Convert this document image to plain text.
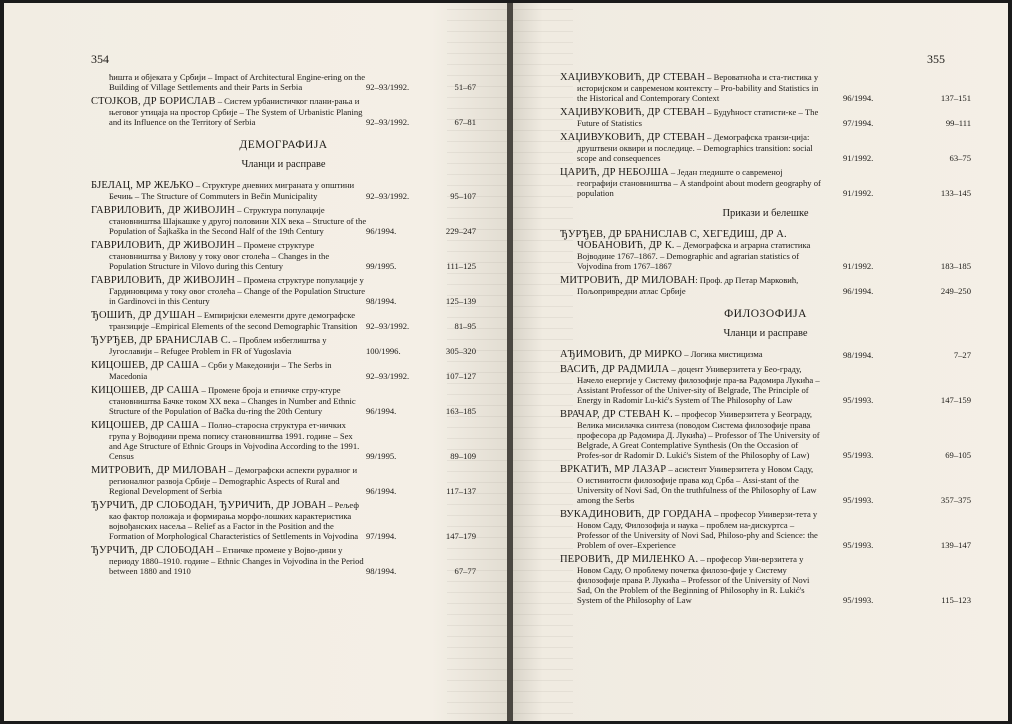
354
ћишта и објеката у Србији – Impact of Architectural Engine-ering on the Building of Village Settlements and their Parts in Serbia	92–93/1992.	51–67
СТОЈКОВ, ДР БОРИСЛАВ – Систем урбанистичког плани-рања и његовог утицаја на простор Србије – The System of Urbanistic Planing and its Influence on the Territory of Serbia	92–93/1992.	67–81
ДЕМОГРАФИЈА
Чланци и расправе
БЈЕЛАЦ, МР ЖЕЉКО – Структуре дневних миграната у општини Бечињ – The Structure of Commuters in Bečin Municipality	92–93/1992.	95–107
ГАВРИЛОВИЋ, ДР ЖИВОЈИН – Структура популације становништва Шајкашке у другој половини XIX века – Structure of the Population of Šajkaška in the Second Half of the 19th Century	96/1994.	229–247
ГАВРИЛОВИЋ, ДР ЖИВОЈИН – Промене структуре становништва у Вилову у току овог столећа – Changes in the Population Structure in Vilovo during this Century	99/1995.	111–125
ГАВРИЛОВИЋ, ДР ЖИВОЈИН – Промена структуре популације у Гардиновцима у току овог столећа – Change of the Population Structure in Gardinovci in this Century	98/1994.	125–139
ЂОШИЋ, ДР ДУШАН – Емпиријски елементи друге демографске транзиције –Empirical Elements of the second Demographic Transition	92–93/1992.	81–95
ЂУРЂЕВ, ДР БРАНИСЛАВ С. – Проблем избеглиштва у Југославији – Refugee Problem in FR of Yugoslavia	100/1996.	305–320
КИЦОШЕВ, ДР САША – Срби у Македонији – The Serbs in Macedonia	92–93/1992.	107–127
КИЦОШЕВ, ДР САША – Промене броја и етничке стру-ктуре становништва Бачке током XX века – Changes in Number and Ethnic Structure of the Population of Bačka du-ring the 20th Century	96/1994.	163–185
КИЦОШЕВ, ДР САША – Полно–старосна структура ет-ничких група у Војводини према попису становништва 1991. године – Sex and Age Structure of Ethnic Groups in Vojvodina According to the 1991. Census	99/1995.	89–109
МИТРОВИЋ, ДР МИЛОВАН – Демографски аспекти руралног и регионалног развоја Србије – Demographic Aspects of Rural and Regional Development of Serbia	96/1994.	117–137
ЂУРЧИЋ, ДР СЛОБОДАН, ЂУРИЧИЋ, ДР ЈОВАН – Рељеф као фактор положаја и формирања морфо-лошких карактеристика војвођанских насеља – Relief as a Factor in the Position and the Formation of Morphological Characteristics of Settlements in Vojvodina 97/1994.	147–179
ЂУРЧИЋ, ДР СЛОБОДАН – Етничке промене у Војво-дини у периоду 1880–1910. године – Ethnic Changes in Vojvodina in the Period between 1880 and 1910	98/1994.	67–77
355
ХАЏИВУКОВИЋ, ДР СТЕВАН – Вероватноћа и ста-тистика у историјском и савременом контексту – Pro-bability and Statistics in the Historical and Contemporary Context	96/1994.	137–151
ХАЏИВУКОВИЋ, ДР СТЕВАН – Будућност статисти-ке – The Future of Statistics	97/1994.	99–111
ХАЏИВУКОВИЋ, ДР СТЕВАН – Демографска транзи-ција: друштвени оквири и последице. – Demographics transition: social scope and consequences	91/1992.	63–75
ЦАРИЋ, ДР НЕБОЈША – Један гледиште о савременој географији становништва – A standpoint about modern geography of population	91/1992.	133–145
Прикази и белешке
ЂУРЂЕВ, ДР БРАНИСЛАВ С, ХЕГЕДИШ, ДР А. ЧОБАНОВИЋ, ДР К. – Демографска и аграрна статистика Војводине 1767–1867. – Demographic and agrarian statistics of Vojvodina from 1767–1867	91/1992.	183–185
МИТРОВИЋ, ДР МИЛОВАН: Проф. др Петар Марковић, Пољопривредни атлас Србије	96/1994.	249–250
ФИЛОЗОФИЈА
Чланци и расправе
АЂИМОВИЋ, ДР МИРКО – Логика мистицизма	98/1994.	7–27
ВАСИЋ, ДР РАДМИЛА – доцент Универзитета у Бео-граду, Начело енергије у Систему филозофије пра-ва Радомира Лукића – Assistant Professor of the Univer-sity of Belgrade, The Principle of Energy in Radomir Lu-kić's System of The Philosophy of Law	95/1993.	147–159
ВРАЧАР, ДР СТЕВАН К. – професор Универзитета у Београду, Велика мисилачка синтеза (поводом Система филозофије права професора др Радомира Д. Лукића) – Professor of The University of Belgrade, A Great Contemplative Synthesis (On the Occasion of Profes-sor dr Radomir D. Lukić's Sistem of the Philosophy of Law)	95/1993.	69–105
ВРКАТИЋ, МР ЛАЗАР – асистент Универзитета у Новом Саду, О истинитости филозофије права код Срба – Assi-stant of the University of Novi Sad, On the truthfulness of the Philosophy of Law among the Serbs	95/1993.	357–375
ВУКАДИНОВИЋ, ДР ГОРДАНА – професор Универзи-тета у Новом Саду, Филозофија и наука – проблем на-дискуртса – Professor of the University of Novi Sad, Philoso-phy and Science: the Problem of over–Experience	95/1993.	139–147
ПЕРОВИЋ, ДР МИЛЕНКО А. – професор Уни-верзитета у Новом Саду, О проблему почетка филозо-фије у Систему филозофије права Р. Лукића – Professor of the University of Novi Sad, On the Problem of the Beginning of Philosophy in R. Lukić's System of the Philosophy of Law	95/1993.	115–123
